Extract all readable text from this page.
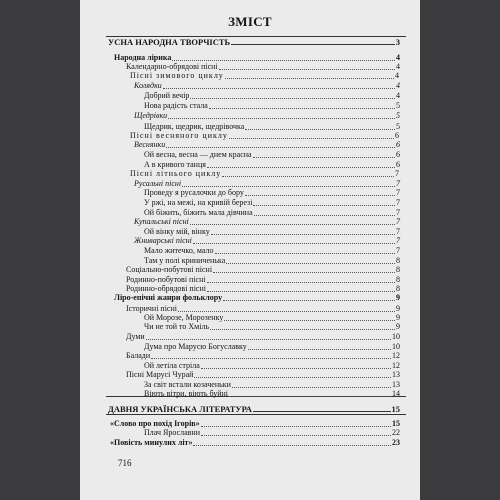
ЗМІСТ
УСНА НАРОДНА ТВОРЧІСТЬ	3
Народна лірика	4
Календарно-обрядові пісні	4
Пісні зимового циклу	4
Колядки	4
Добрий вечір	4
Нова радість стала	5
Щедрівки	5
Щедрик, щедрик, щедрівочка	5
Пісні весняного циклу	6
Веснянки	6
Ой весна, весна — днем красна	6
А в кривого танця	6
Пісні літнього циклу	7
Русальні пісні	7
Проведу я русалочки до бору	7
У ржі, на межі, на кривій березі	7
Ой біжить, біжить мала дівчина	7
Купальські пісні	7
Ой вінку мій, вінку	7
Жниварські пісні	7
Мало житечко, мало	7
Там у полі криниченька	8
Соціально-побутові пісні	8
Родинно-побутові пісні	8
Родинно-обрядові пісні	8
Ліро-епічні жанри фольклору	9
Історичні пісні	9
Ой Морозе, Морозенку	9
Чи не той то Хміль	9
Думи	10
Дума про Марусю Богуславку	10
Балади	12
Ой летіла стріла	12
Пісні Марусі Чурай	13
За світ встали козаченьки	13
Віють вітри, віють буйні	14
ДАВНЯ УКРАЇНСЬКА ЛІТЕРАТУРА	15
«Слово про похід Ігорів»	15
Плач Ярославни	22
«Повість минулих літ»	23
716
